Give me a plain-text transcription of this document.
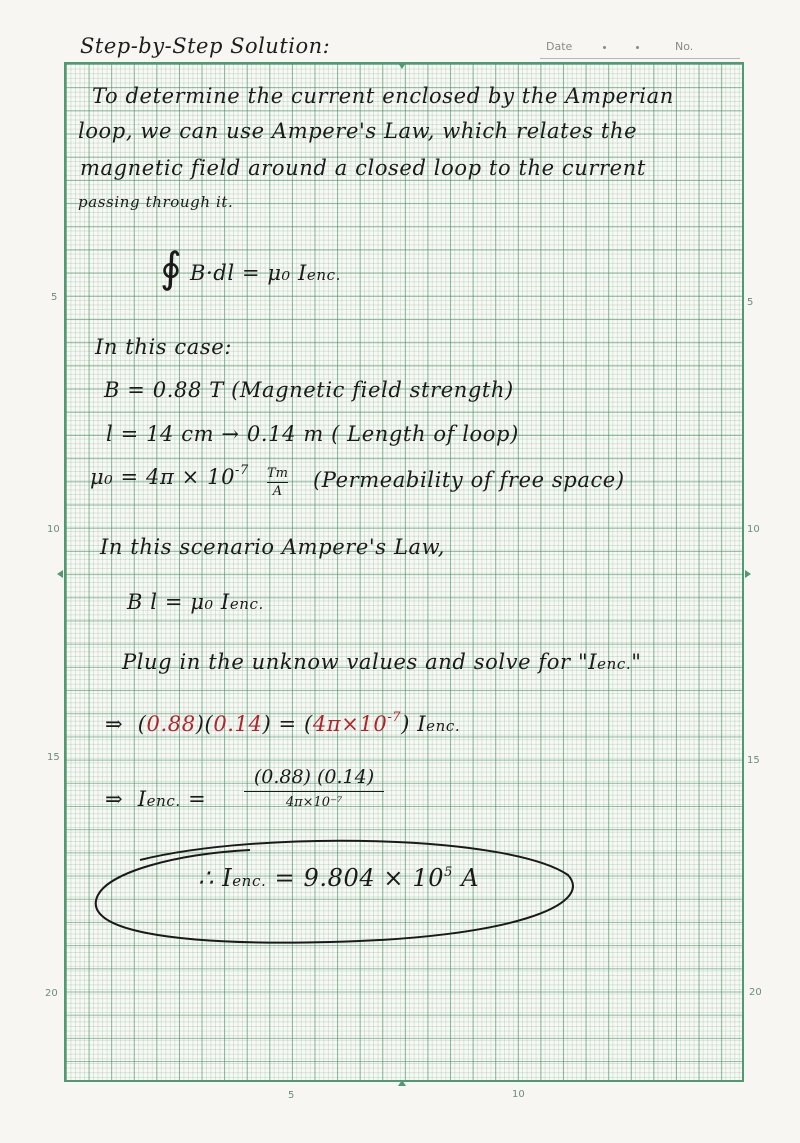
Step-by-Step Solution:	Date	No.
5	5
10	10
15	15
20	20
5	10
To determine the current enclosed by the Amperian
loop, we can use Ampere's Law, which relates the
magnetic field around a closed loop to the current
passing through it.
∮ B·dl = μ₀ Ienc.
In this case:
B = 0.88 T (Magnetic field strength)
l = 14 cm → 0.14 m ( Length of loop)
$\mu_0 = 4\pi \times 10^{-7}$ Tm
A (Permeability of free space)
In this scenario Ampere's Law,
B l = μ₀ Ienc.
Plug in the unknow values and solve for "Ienc."
⇒  $(0.88)(0.14) = (4\pi\times 10^{-7})$ Ienc.
⇒ Ienc. =
(0.88) (0.14)
4π×10⁻⁷
∴ Ienc. = $9.804 \times 10^5$ A
